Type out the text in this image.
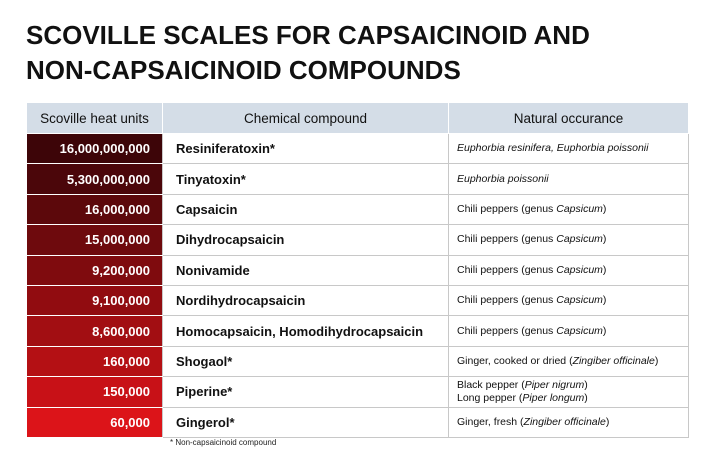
SCOVILLE SCALES FOR CAPSAICINOID AND
NON-CAPSAICINOID COMPOUNDS
Scoville heat units	Chemical compound	Natural occurance
16,000,000,000	Resiniferatoxin*	Euphorbia resinifera, Euphorbia poissonii

5,300,000,000	Tinyatoxin*	Euphorbia poissonii

16,000,000	Capsaicin	Chili peppers (genus Capsicum)

15,000,000	Dihydrocapsaicin	Chili peppers (genus Capsicum)

9,200,000	Nonivamide	Chili peppers (genus Capsicum)

9,100,000	Nordihydrocapsaicin	Chili peppers (genus Capsicum)

8,600,000	Homocapsaicin, Homodihydrocapsaicin	Chili peppers (genus Capsicum)

160,000	Shogaol*	Ginger, cooked or dried (Zingiber officinale)

150,000	Piperine*	Black pepper (Piper nigrum)
Long pepper (Piper longum)

60,000	Gingerol*	Ginger, fresh (Zingiber officinale)
* Non-capsaicinoid compound
